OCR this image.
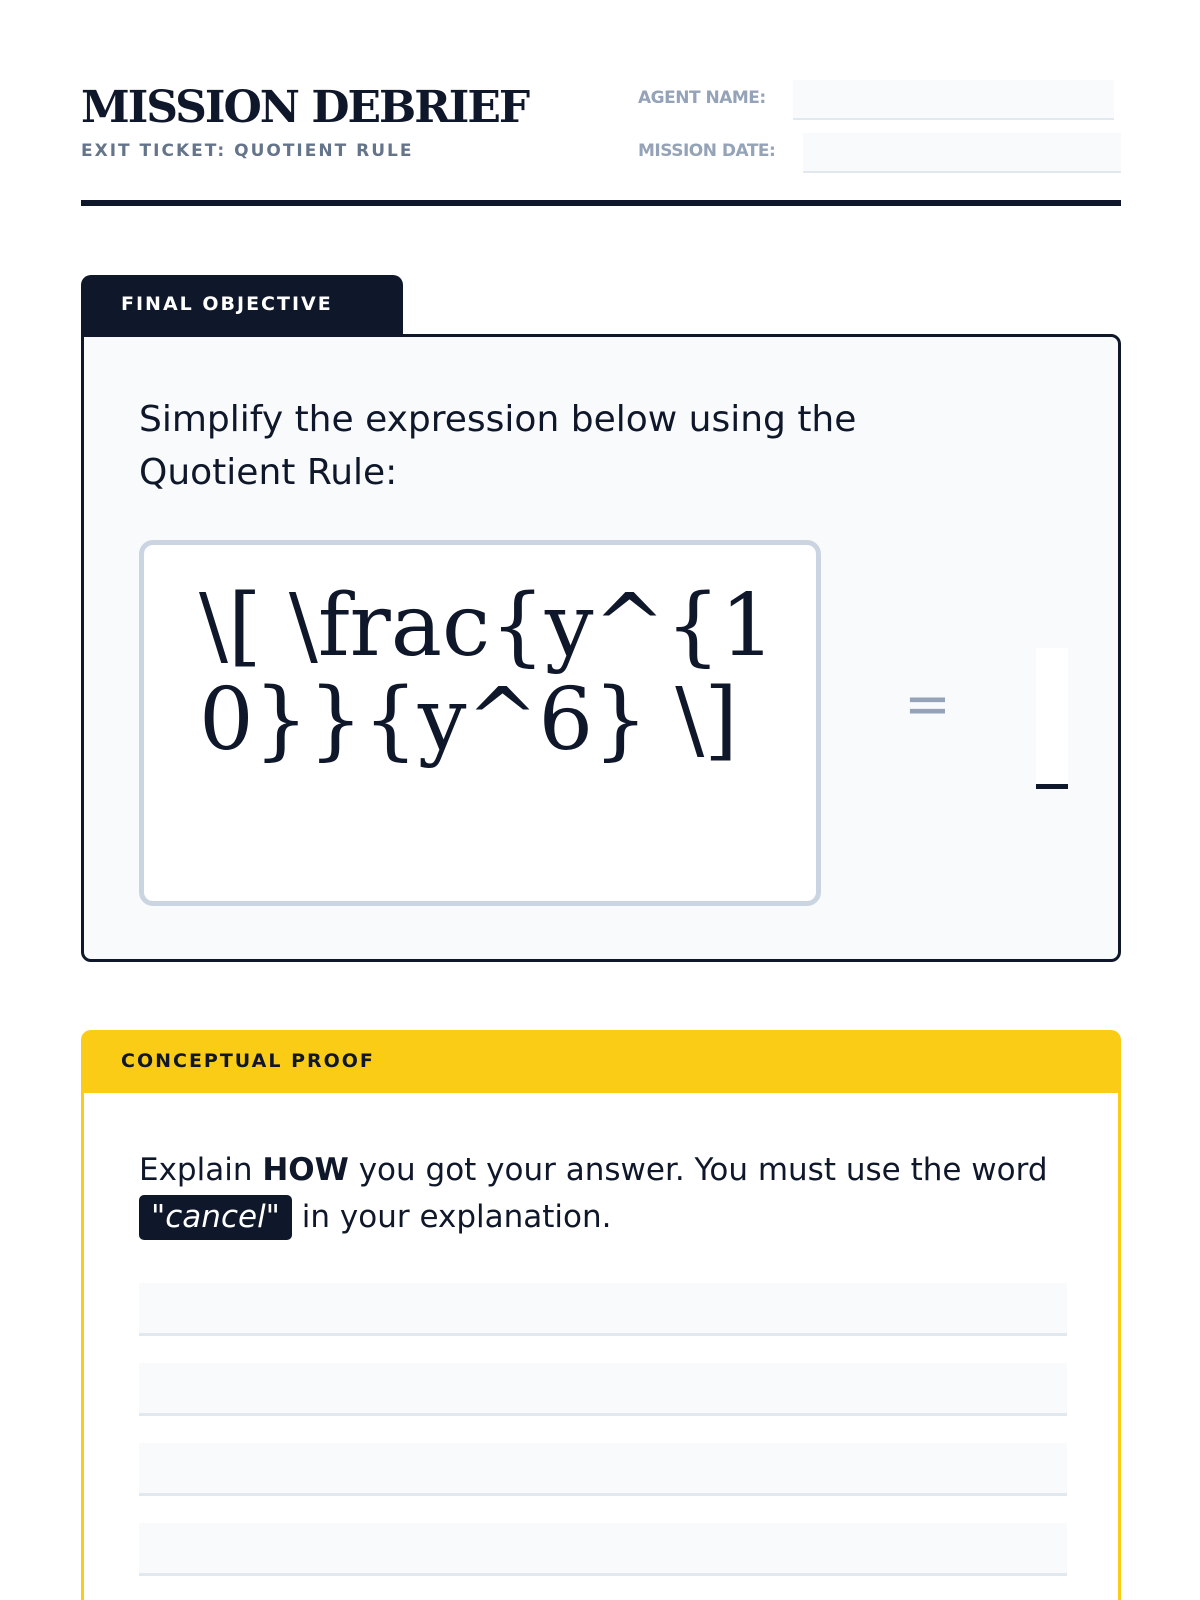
MISSION DEBRIEF
EXIT TICKET: QUOTIENT RULE
AGENT NAME:
MISSION DATE:
FINAL OBJECTIVE
Simplify the expression below using the Quotient Rule:
\[ \frac{y^{10}}{y^6} \]	=
CONCEPTUAL PROOF
Explain HOW you got your answer. You must use the word "cancel" in your explanation.
